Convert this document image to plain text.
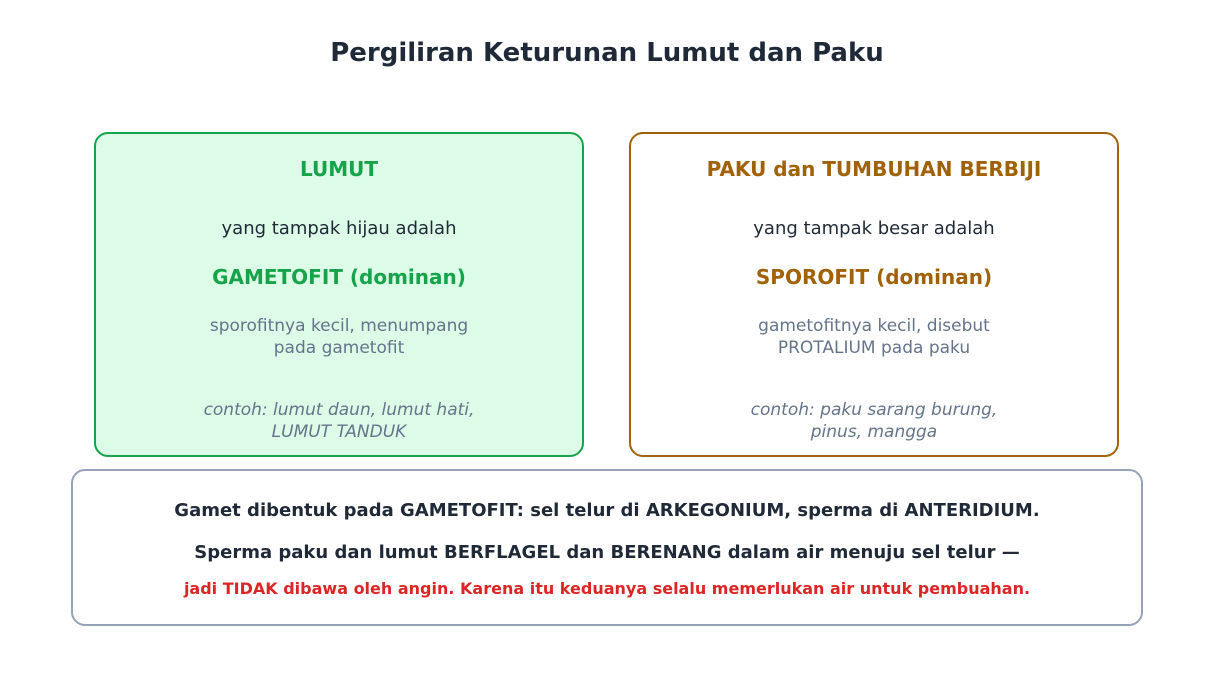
Pergiliran Keturunan Lumut dan Paku
LUMUT
yang tampak hijau adalah
GAMETOFIT (dominan)
sporofitnya kecil, menumpang
pada gametofit
contoh: lumut daun, lumut hati,
LUMUT TANDUK
PAKU dan TUMBUHAN BERBIJI
yang tampak besar adalah
SPOROFIT (dominan)
gametofitnya kecil, disebut
PROTALIUM pada paku
contoh: paku sarang burung,
pinus, mangga
Gamet dibentuk pada GAMETOFIT: sel telur di ARKEGONIUM, sperma di ANTERIDIUM.
Sperma paku dan lumut BERFLAGEL dan BERENANG dalam air menuju sel telur —
jadi TIDAK dibawa oleh angin. Karena itu keduanya selalu memerlukan air untuk pembuahan.
